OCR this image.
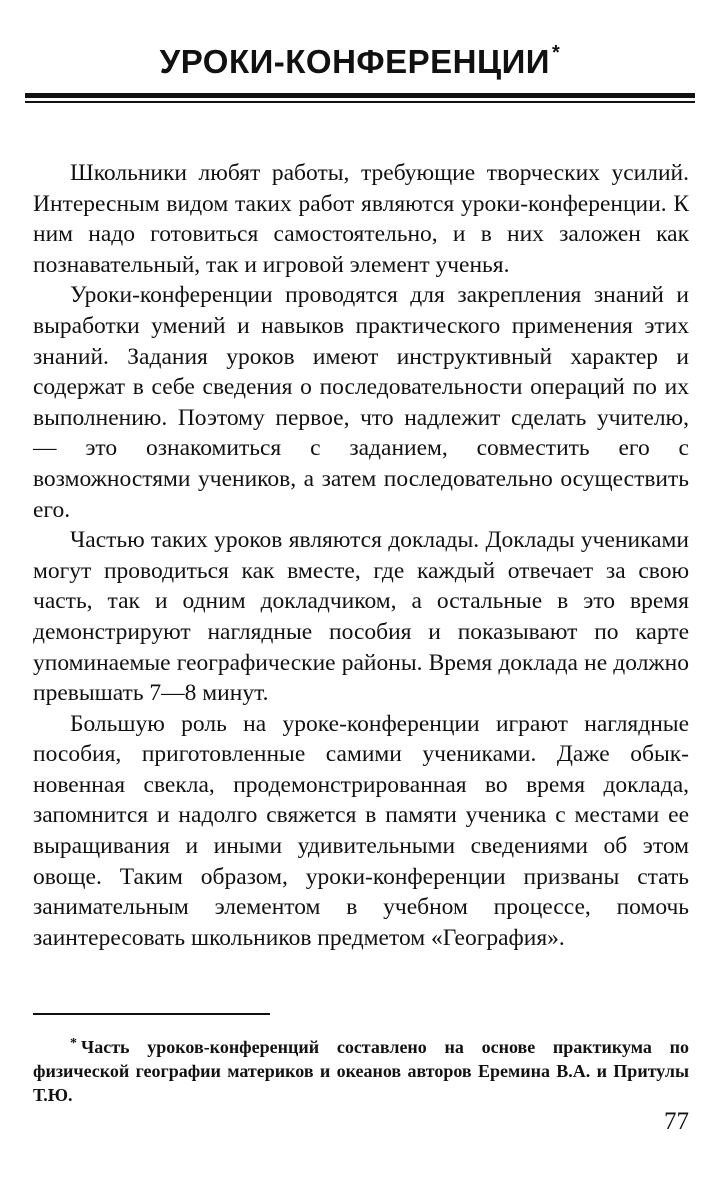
УРОКИ-КОНФЕРЕНЦИИ *

Школьники любят работы, требующие творческих усилий. Интересным видом таких работ являются уроки-конференции. К ним надо готовиться самостоятельно, и в них заложен как познавательный, так и игровой элемент ученья.

Уроки-конференции проводятся для закрепления знаний и выработки умений и навыков практического применения этих знаний. Задания уроков имеют инструктивный характер и содержат в себе сведения о последовательности операций по их выполнению. Поэтому первое, что надлежит сделать учителю, — это ознакомиться с заданием, совместить его с возможностями учеников, а затем последовательно осуществить его.

Частью таких уроков являются доклады. Доклады учениками могут проводиться как вместе, где каждый отвечает за свою часть, так и одним докладчиком, а остальные в это время демонстрируют наглядные пособия и показывают по карте упоминаемые географические районы. Время доклада не должно превышать 7—8 минут.

Большую роль на уроке-конференции играют наглядные пособия, приготовленные самими учениками. Даже обыкновенная свекла, продемонстрированная во время доклада, запомнится и надолго свяжется в памяти ученика с местами ее выращивания и иными удивительными сведениями об этом овоще. Таким образом, уроки-конференции призваны стать занимательным элементом в учебном процессе, помочь заинтересовать школьников предметом «География».

* Часть уроков-конференций составлено на основе практикума по физической географии материков и океанов авторов Еремина В.А. и Притулы Т.Ю.
77
